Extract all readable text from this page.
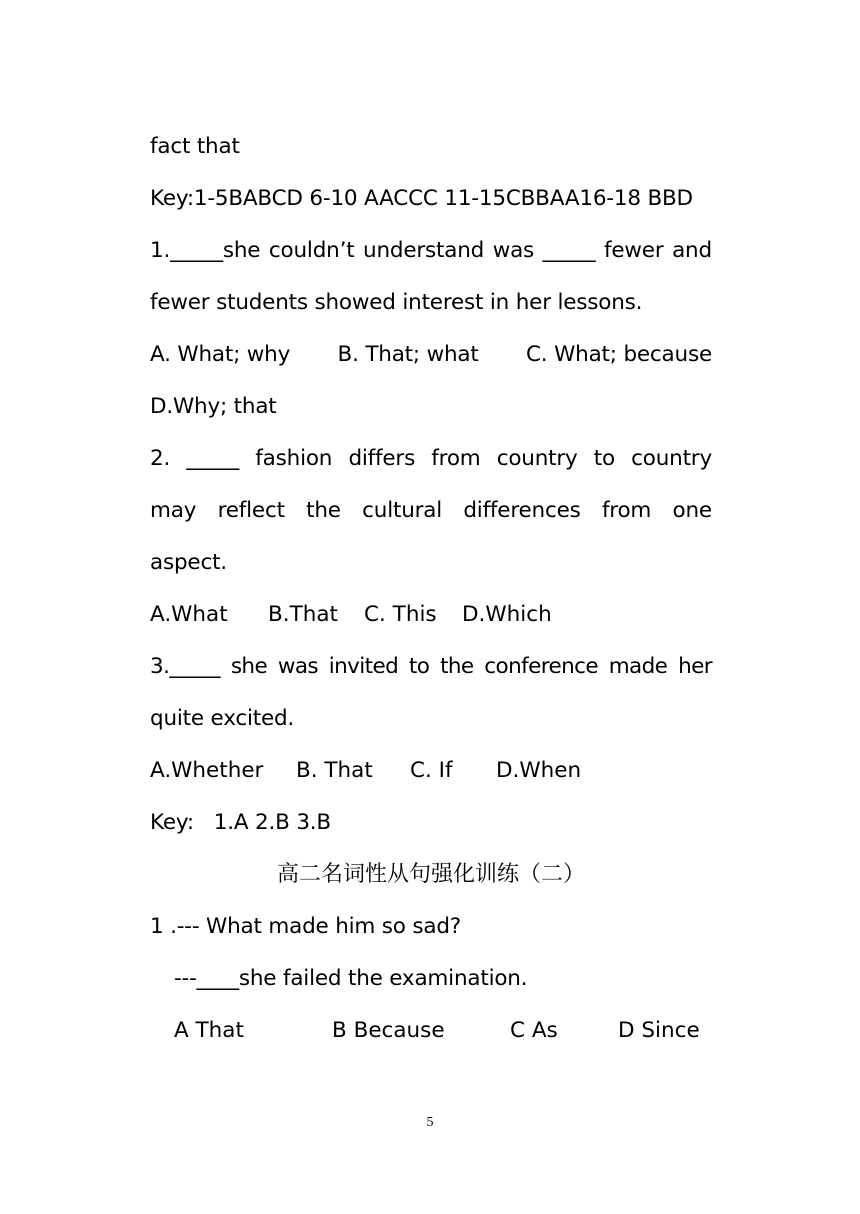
fact that
Key:1-5BABCD 6-10 AACCC 11-15CBBAA16-18 BBD
1._____she couldn’t understand was _____ fewer and
fewer students showed interest in her lessons.
A. What; why B. That; what C. What; because
D.Why; that
2. _____ fashion differs from country to country
may reflect the cultural differences from one
aspect.
A.What B.That C. This D.Which
3._____ she was invited to the conference made her
quite excited.
A.Whether B. That C. If D.When
Key:   1.A 2.B 3.B
高二名词性从句强化训练（二）
1 .--- What made him so sad?
---____she failed the examination.
A That	B Because	C As	D Since
5
